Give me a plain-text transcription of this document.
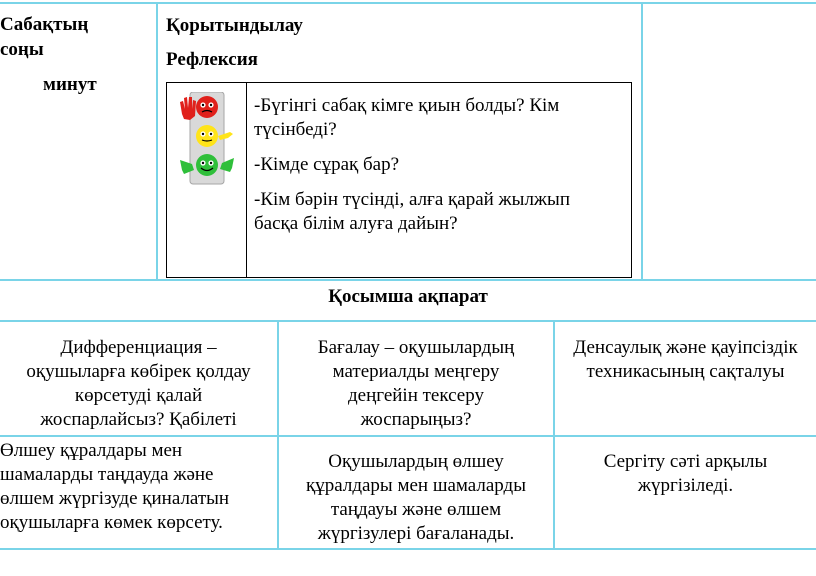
Сабақтың
соңы
минут
Қорытындылау
Рефлексия
-Бүгінгі сабақ кімге қиын болды? Кім
түсінбеді?
-Кімде сұрақ бар?
-Кім бәрін түсінді, алға қарай жылжып
басқа білім алуға дайын?
Қосымша ақпарат
Дифференциация –
оқушыларға көбірек қолдау
көрсетуді қалай
жоспарлайсыз? Қабілеті
Бағалау – оқушылардың
материалды меңгеру
деңгейін тексеру
жоспарыңыз?
Денсаулық және қауіпсіздік
техникасының сақталуы
Өлшеу құралдары мен
шамаларды таңдауда және
өлшем жүргізуде қиналатын
оқушыларға көмек көрсету.
Оқушылардың өлшеу
құралдары мен шамаларды
таңдауы және өлшем
жүргізулері бағаланады.
Сергіту сәті арқылы
жүргізіледі.
